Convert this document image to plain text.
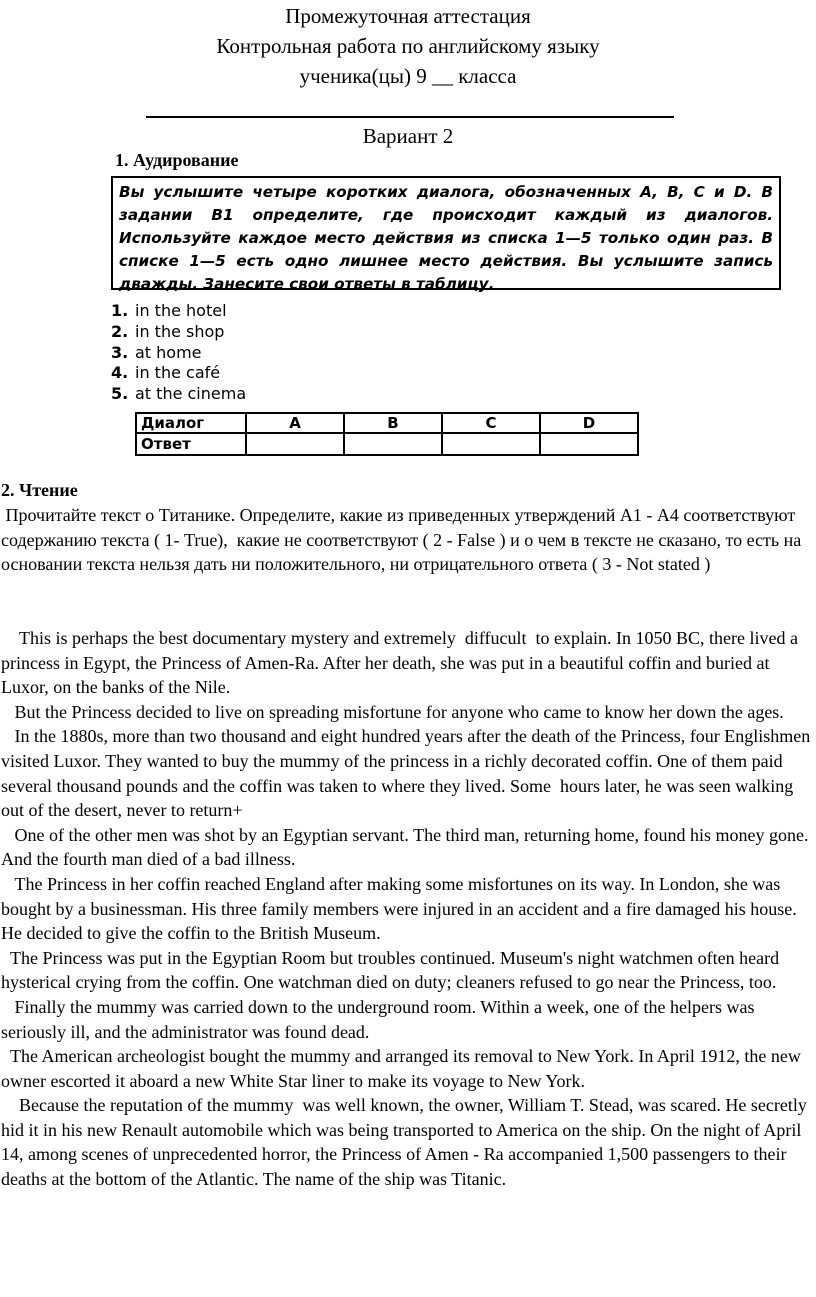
Промежуточная аттестация
Контрольная работа по английскому языку
ученика(цы) 9 __ класса
Вариант 2
1. Аудирование
Вы услышите четыре коротких диалога, обозначенных A, B, C и D. В задании B1 определите, где происходит каждый из диалогов. Используйте каждое место действия из списка 1—5 только один раз. В списке 1—5 есть одно лишнее место действия. Вы услышите запись дважды. Занесите свои ответы в таблицу.
1. in the hotel
2. in the shop
3. at home
4. in the café
5. at the cinema
Диалог	A	B	C	D
Ответ				
2. Чтение

Прочитайте текст о Титанике. Определите, какие из приведенных утверждений А1 - А4 соответствуют содержанию текста ( 1- True),  какие не соответствуют ( 2 - False ) и о чем в тексте не сказано, то есть на основании текста нельзя дать ни положительного, ни отрицательного ответа ( 3 - Not stated )

This is perhaps the best documentary mystery and extremely  diffucult  to explain. In 1050 BC, there lived a princess in Egypt, the Princess of Amen-Ra. After her death, she was put in a beautiful coffin and buried at Luxor, on the banks of the Nile.

But the Princess decided to live on spreading misfortune for anyone who came to know her down the ages.

In the 1880s, more than two thousand and eight hundred years after the death of the Princess, four Englishmen visited Luxor. They wanted to buy the mummy of the princess in a richly decorated coffin. One of them paid several thousand pounds and the coffin was taken to where they lived. Some  hours later, he was seen walking out of the desert, never to return+

One of the other men was shot by an Egyptian servant. The third man, returning home, found his money gone. And the fourth man died of a bad illness.

The Princess in her coffin reached England after making some misfortunes on its way. In London, she was bought by a businessman. His three family members were injured in an accident and a fire damaged his house. He decided to give the coffin to the British Museum.

The Princess was put in the Egyptian Room but troubles continued. Museum's night watchmen often heard hysterical crying from the coffin. One watchman died on duty; cleaners refused to go near the Princess, too.

Finally the mummy was carried down to the underground room. Within a week, one of the helpers was seriously ill, and the administrator was found dead.

The American archeologist bought the mummy and arranged its removal to New York. In April 1912, the new owner escorted it aboard a new White Star liner to make its voyage to New York.

Because the reputation of the mummy  was well known, the owner, William T. Stead, was scared. He secretly hid it in his new Renault automobile which was being transported to America on the ship. On the night of April 14, among scenes of unprecedented horror, the Princess of Amen - Ra accompanied 1,500 passengers to their deaths at the bottom of the Atlantic. The name of the ship was Titanic.
